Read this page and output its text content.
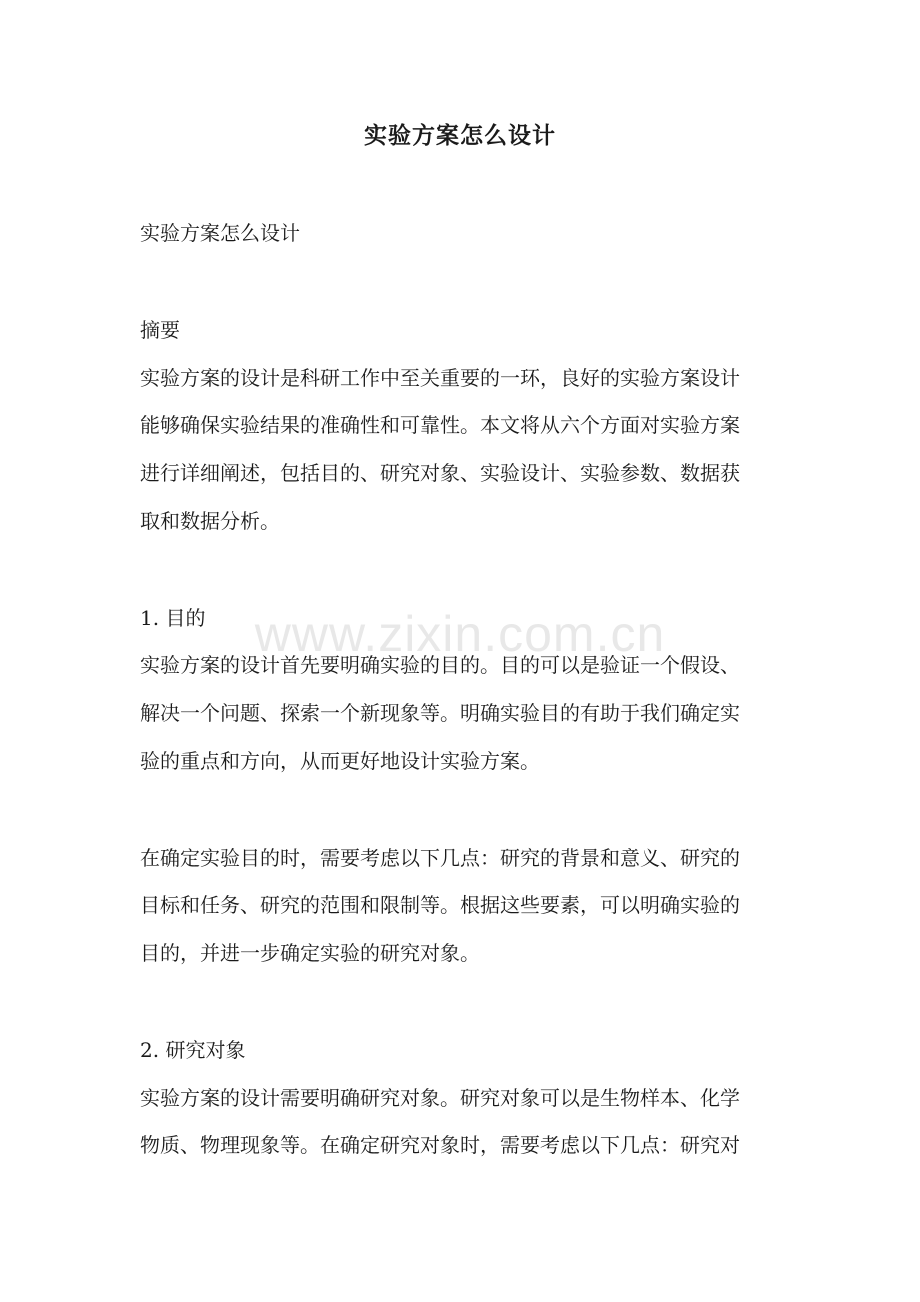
实验方案怎么设计
实验方案怎么设计
摘要
实验方案的设计是科研工作中至关重要的一环，良好的实验方案设计
能够确保实验结果的准确性和可靠性。本文将从六个方面对实验方案
进行详细阐述，包括目的、研究对象、实验设计、实验参数、数据获
取和数据分析。
1. 目的
实验方案的设计首先要明确实验的目的。目的可以是验证一个假设、
解决一个问题、探索一个新现象等。明确实验目的有助于我们确定实
验的重点和方向，从而更好地设计实验方案。
在确定实验目的时，需要考虑以下几点：研究的背景和意义、研究的
目标和任务、研究的范围和限制等。根据这些要素，可以明确实验的
目的，并进一步确定实验的研究对象。
2. 研究对象
实验方案的设计需要明确研究对象。研究对象可以是生物样本、化学
物质、物理现象等。在确定研究对象时，需要考虑以下几点：研究对
www.zixin.com.cn
